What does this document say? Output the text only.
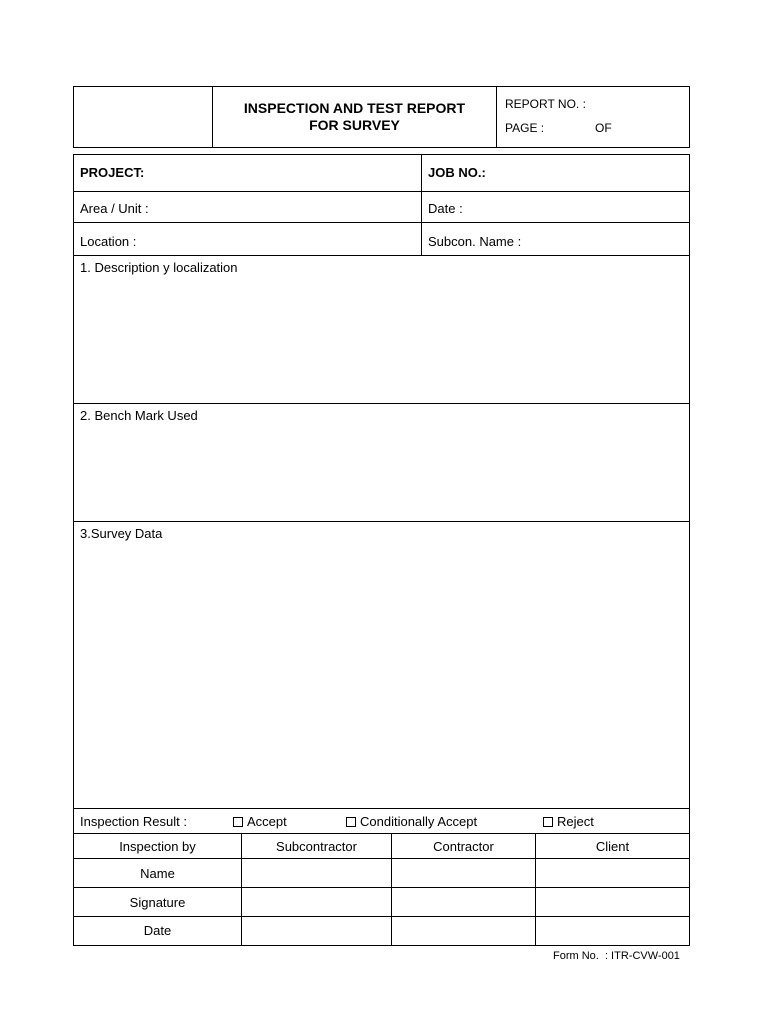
INSPECTION AND TEST REPORT
FOR SURVEY
REPORT NO. :
PAGE :	OF
PROJECT:	JOB NO.:
Area / Unit :	Date :
Location :	Subcon. Name :
1. Description y localization
2. Bench Mark Used
3.Survey Data
Inspection Result :	Accept	Conditionally Accept	Reject
Inspection by	Subcontractor	Contractor	Client
Name
Signature
Date
Form No.  : ITR-CVW-001
